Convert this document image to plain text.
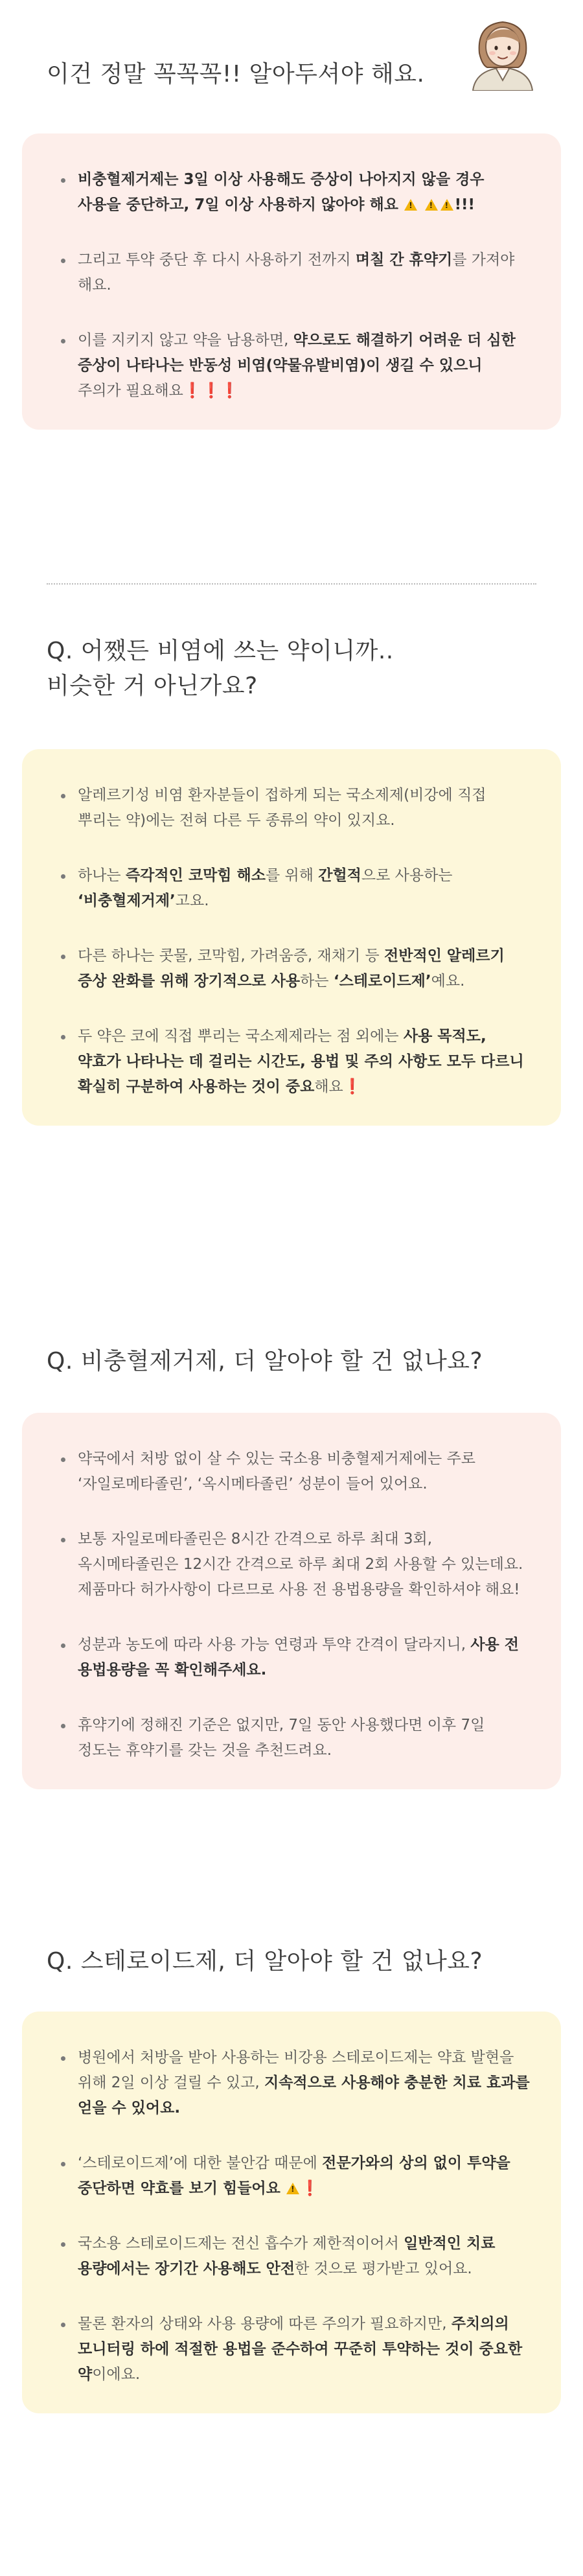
이건 정말 꼭꼭꼭!! 알아두셔야 해요.
비충혈제거제는 3일 이상 사용해도 증상이 나아지지 않을 경우 사용을 중단하고, 7일 이상 사용하지 않아야 해요 ! ! !	!!!
그리고 투약 중단 후 다시 사용하기 전까지 며칠 간 휴약기를 가져야 해요.
이를 지키지 않고 약을 남용하면, 약으로도 해결하기 어려운 더 심한 증상이 나타나는 반동성 비염(약물유발비염)이 생길 수 있으니 주의가 필요해요❗❗❗
Q. 어쨌든 비염에 쓰는 약이니까..
비슷한 거 아닌가요?
알레르기성 비염 환자분들이 접하게 되는 국소제제(비강에 직접 뿌리는 약)에는 전혀 다른 두 종류의 약이 있지요.
하나는 즉각적인 코막힘 해소를 위해 간헐적으로 사용하는 ‘비충혈제거제’고요.
다른 하나는 콧물, 코막힘, 가려움증, 재채기 등 전반적인 알레르기 증상 완화를 위해 장기적으로 사용하는 ‘스테로이드제’예요.
두 약은 코에 직접 뿌리는 국소제제라는 점 외에는 사용 목적도, 약효가 나타나는 데 걸리는 시간도, 용법 및 주의 사항도 모두 다르니 확실히 구분하여 사용하는 것이 중요해요❗
Q. 비충혈제거제, 더 알아야 할 건 없나요?
약국에서 처방 없이 살 수 있는 국소용 비충혈제거제에는 주로 ‘자일로메타졸린’, ‘옥시메타졸린’ 성분이 들어 있어요.
보통 자일로메타졸린은 8시간 간격으로 하루 최대 3회, 옥시메타졸린은 12시간 간격으로 하루 최대 2회 사용할 수 있는데요. 제품마다 허가사항이 다르므로 사용 전 용법용량을 확인하셔야 해요!
성분과 농도에 따라 사용 가능 연령과 투약 간격이 달라지니, 사용 전 용법용량을 꼭 확인해주세요.
휴약기에 정해진 기준은 없지만, 7일 동안 사용했다면 이후 7일 정도는 휴약기를 갖는 것을 추천드려요.
Q. 스테로이드제, 더 알아야 할 건 없나요?
병원에서 처방을 받아 사용하는 비강용 스테로이드제는 약효 발현을 위해 2일 이상 걸릴 수 있고, 지속적으로 사용해야 충분한 치료 효과를 얻을 수 있어요.
‘스테로이드제’에 대한 불안감 때문에 전문가와의 상의 없이 투약을 중단하면 약효를 보기 힘들어요 ! ❗
국소용 스테로이드제는 전신 흡수가 제한적이어서 일반적인 치료 용량에서는 장기간 사용해도 안전한 것으로 평가받고 있어요.
물론 환자의 상태와 사용 용량에 따른 주의가 필요하지만, 주치의의 모니터링 하에 적절한 용법을 준수하여 꾸준히 투약하는 것이 중요한 약이에요.
